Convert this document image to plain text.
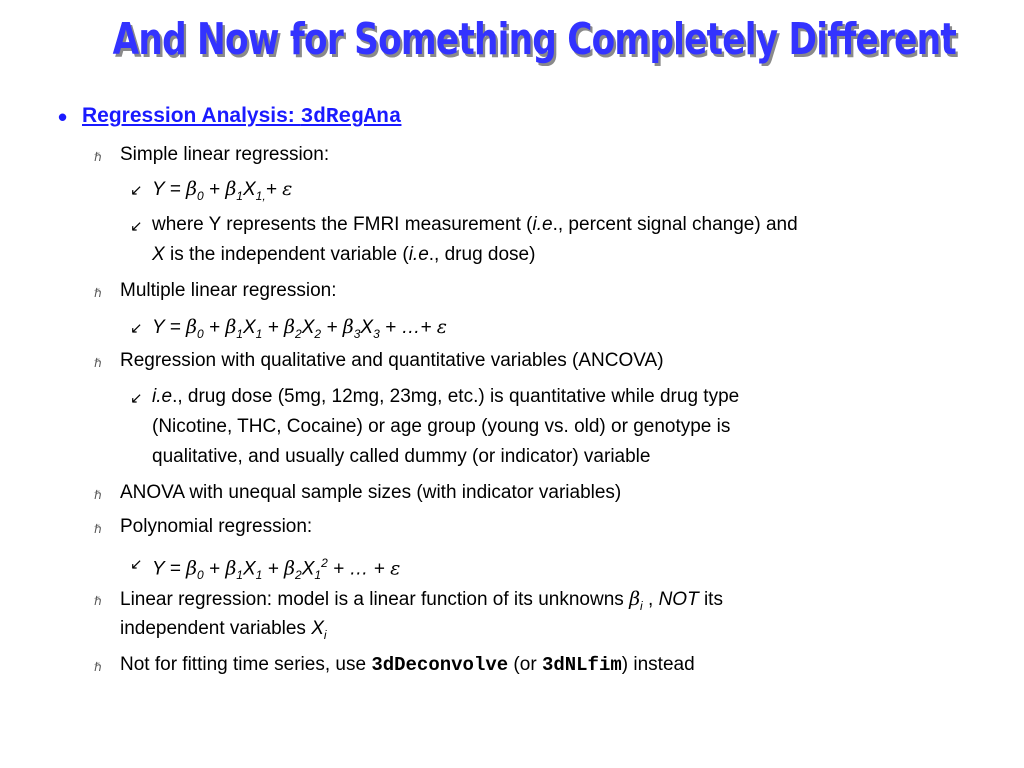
And Now for Something Completely Different
• Regression Analysis: 3dRegAna
ℏ Simple linear regression:
↙ $Y = \beta_0 + \beta_1X_{1,}+ \varepsilon$
↙ where Y represents the FMRI measurement (i.e., percent signal change) and
X is the independent variable (i.e., drug dose)
ℏ Multiple linear regression:
↙ $Y = \beta_0 + \beta_1X_1 + \beta_2X_2 + \beta_3X_3$ + …+ ε
ℏ Regression with qualitative and quantitative variables (ANCOVA)
↙ i.e., drug dose (5mg, 12mg, 23mg, etc.) is quantitative while drug type
(Nicotine, THC, Cocaine) or age group (young vs. old) or genotype is
qualitative, and usually called dummy (or indicator) variable
ℏ ANOVA with unequal sample sizes (with indicator variables)
ℏ Polynomial regression:
↙ $Y = \beta_0 + \beta_1X_1 + \beta_2X_1^2$ + … + ε
ℏ Linear regression: model is a linear function of its unknowns $\beta_i$ , NOT its
independent variables $X_i$
ℏ Not for fitting time series, use 3dDeconvolve (or 3dNLfim) instead
